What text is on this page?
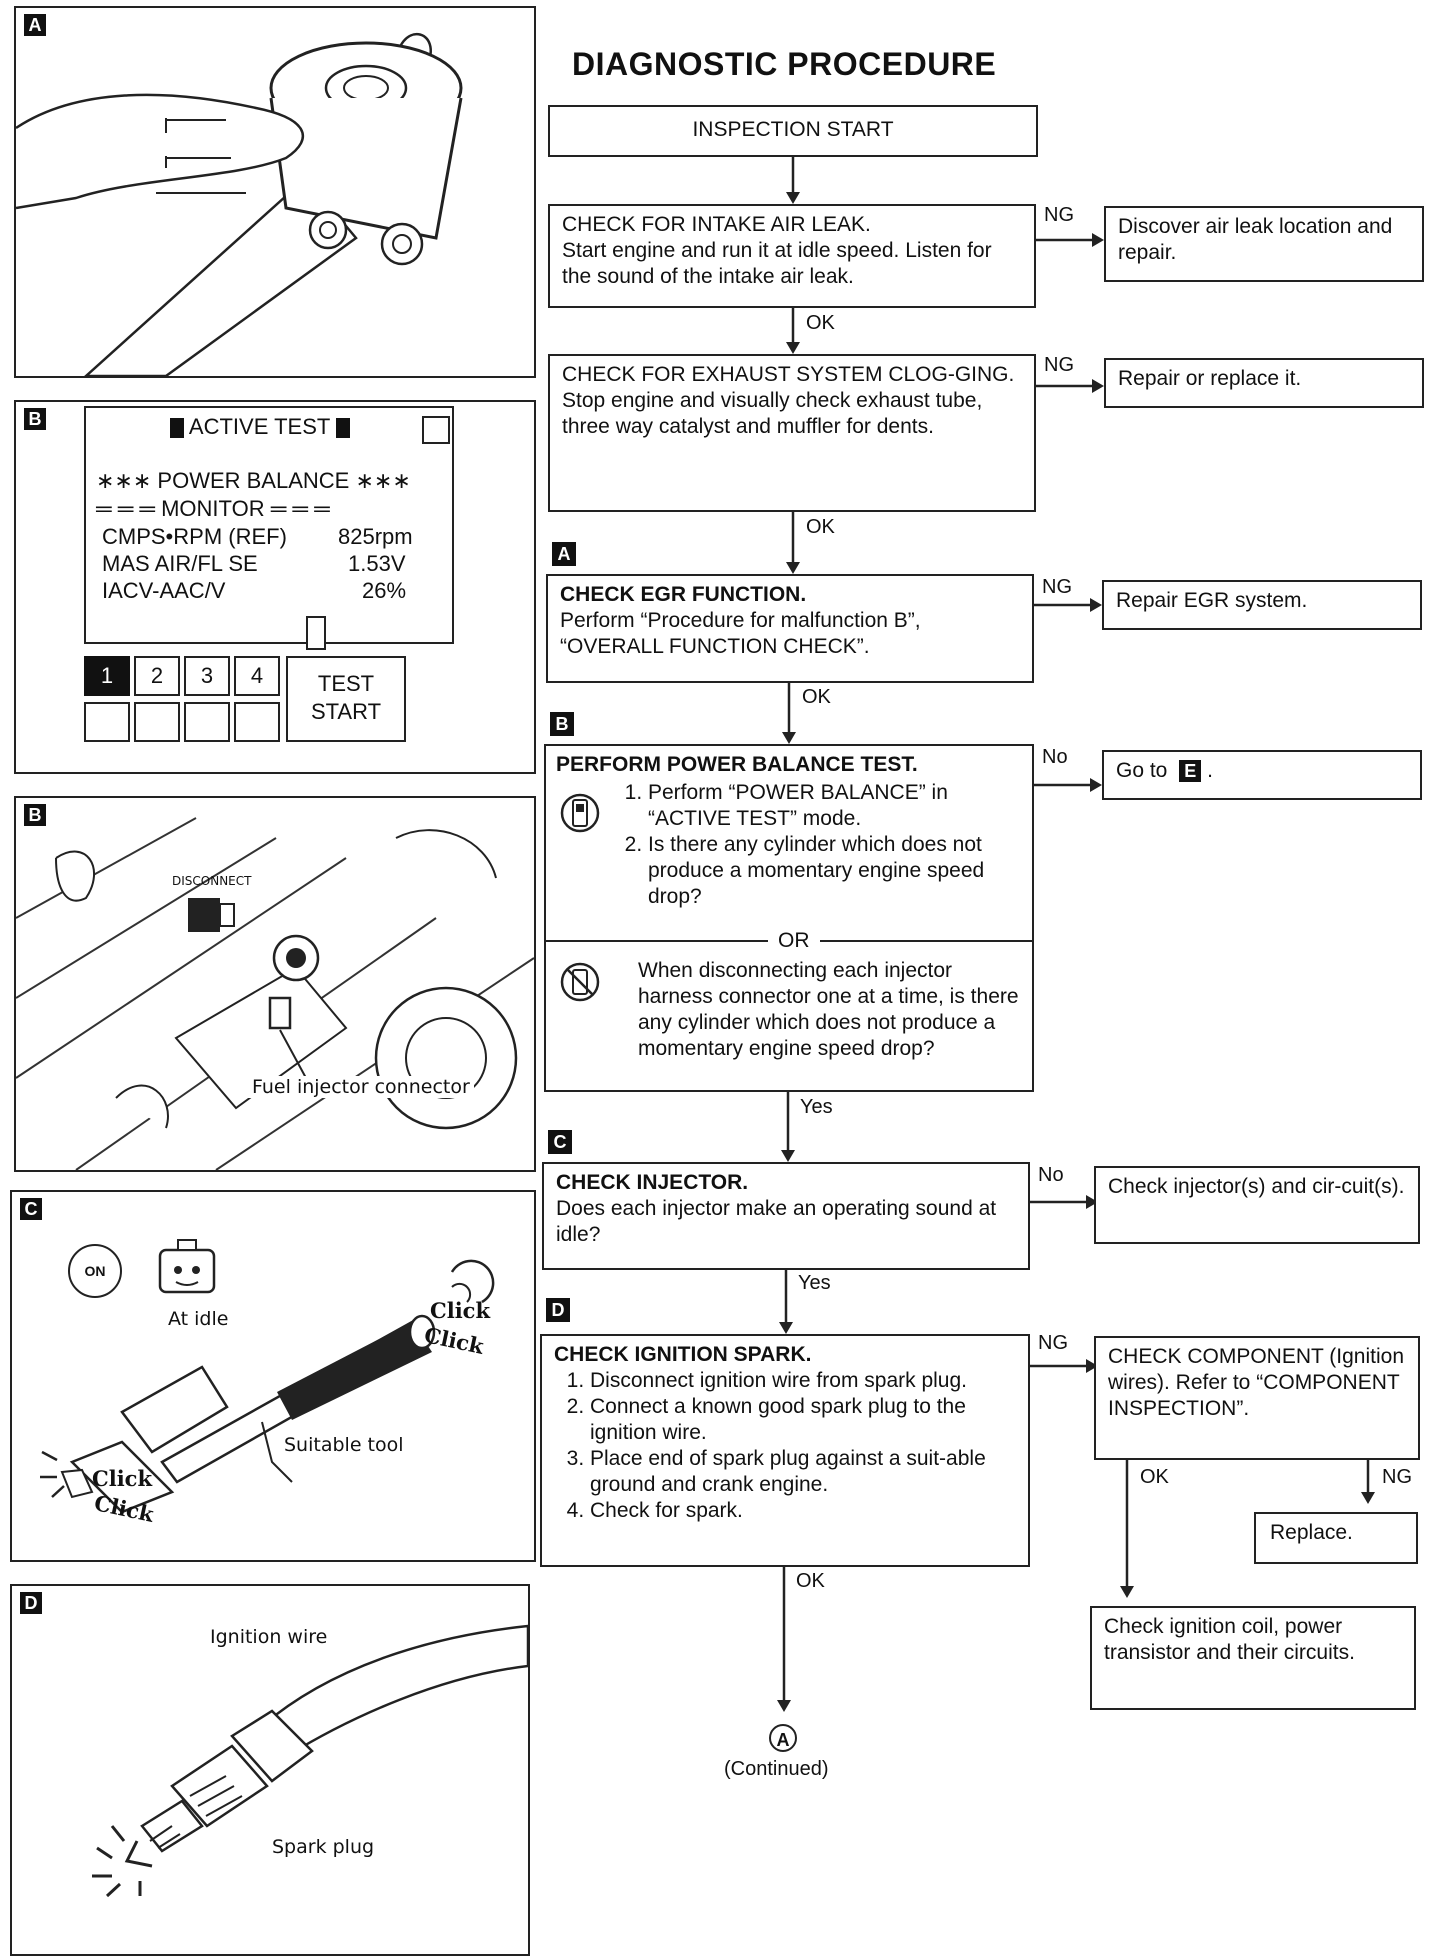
DIAGNOSTIC PROCEDURE
INSPECTION START
CHECK FOR INTAKE AIR LEAK.
Start engine and run it at idle speed. Listen for the sound of the intake air leak.
NG	Discover air leak location and repair.
OK
CHECK FOR EXHAUST SYSTEM CLOG-GING.
Stop engine and visually check exhaust tube, three way catalyst and muffler for dents.
NG
Repair or replace it.
OK
A
CHECK EGR FUNCTION.
Perform “Procedure for malfunction B”, “OVERALL FUNCTION CHECK”.
NG
Repair EGR system.
OK
B
PERFORM POWER BALANCE TEST.
1. Perform “POWER BALANCE” in “ACTIVE TEST” mode.
2. Is there any cylinder which does not produce a momentary engine speed drop?
OR
When disconnecting each injector harness connector one at a time, is there any cylinder which does not produce a momentary engine speed drop?
No
Go to E .
Yes
C
CHECK INJECTOR.
Does each injector make an operating sound at idle?
No	Check injector(s) and cir-cuit(s).
Yes
D
CHECK IGNITION SPARK.
1. Disconnect ignition wire from spark plug.
2. Connect a known good spark plug to the ignition wire.
3. Place end of spark plug against a suit-able ground and crank engine.
4. Check for spark.
NG
CHECK COMPONENT (Ignition wires). Refer to “COMPONENT INSPECTION”.
OK	NG
Replace.
Check ignition coil, power transistor and their circuits.
OK
A
(Continued)
A
B	ACTIVE TEST
∗∗∗ POWER BALANCE ∗∗∗
═ ═ ═ MONITOR ═ ═ ═
CMPS•RPM (REF) 825rpm
MAS AIR/FL SE	1.53V
IACV-AAC/V	26%
1	2	3	4	TEST
START
B
DISCONNECT
Fuel injector connector
C
ON
At idle	Click
Click
Suitable tool
Click
Click
D
Ignition wire
Spark plug
